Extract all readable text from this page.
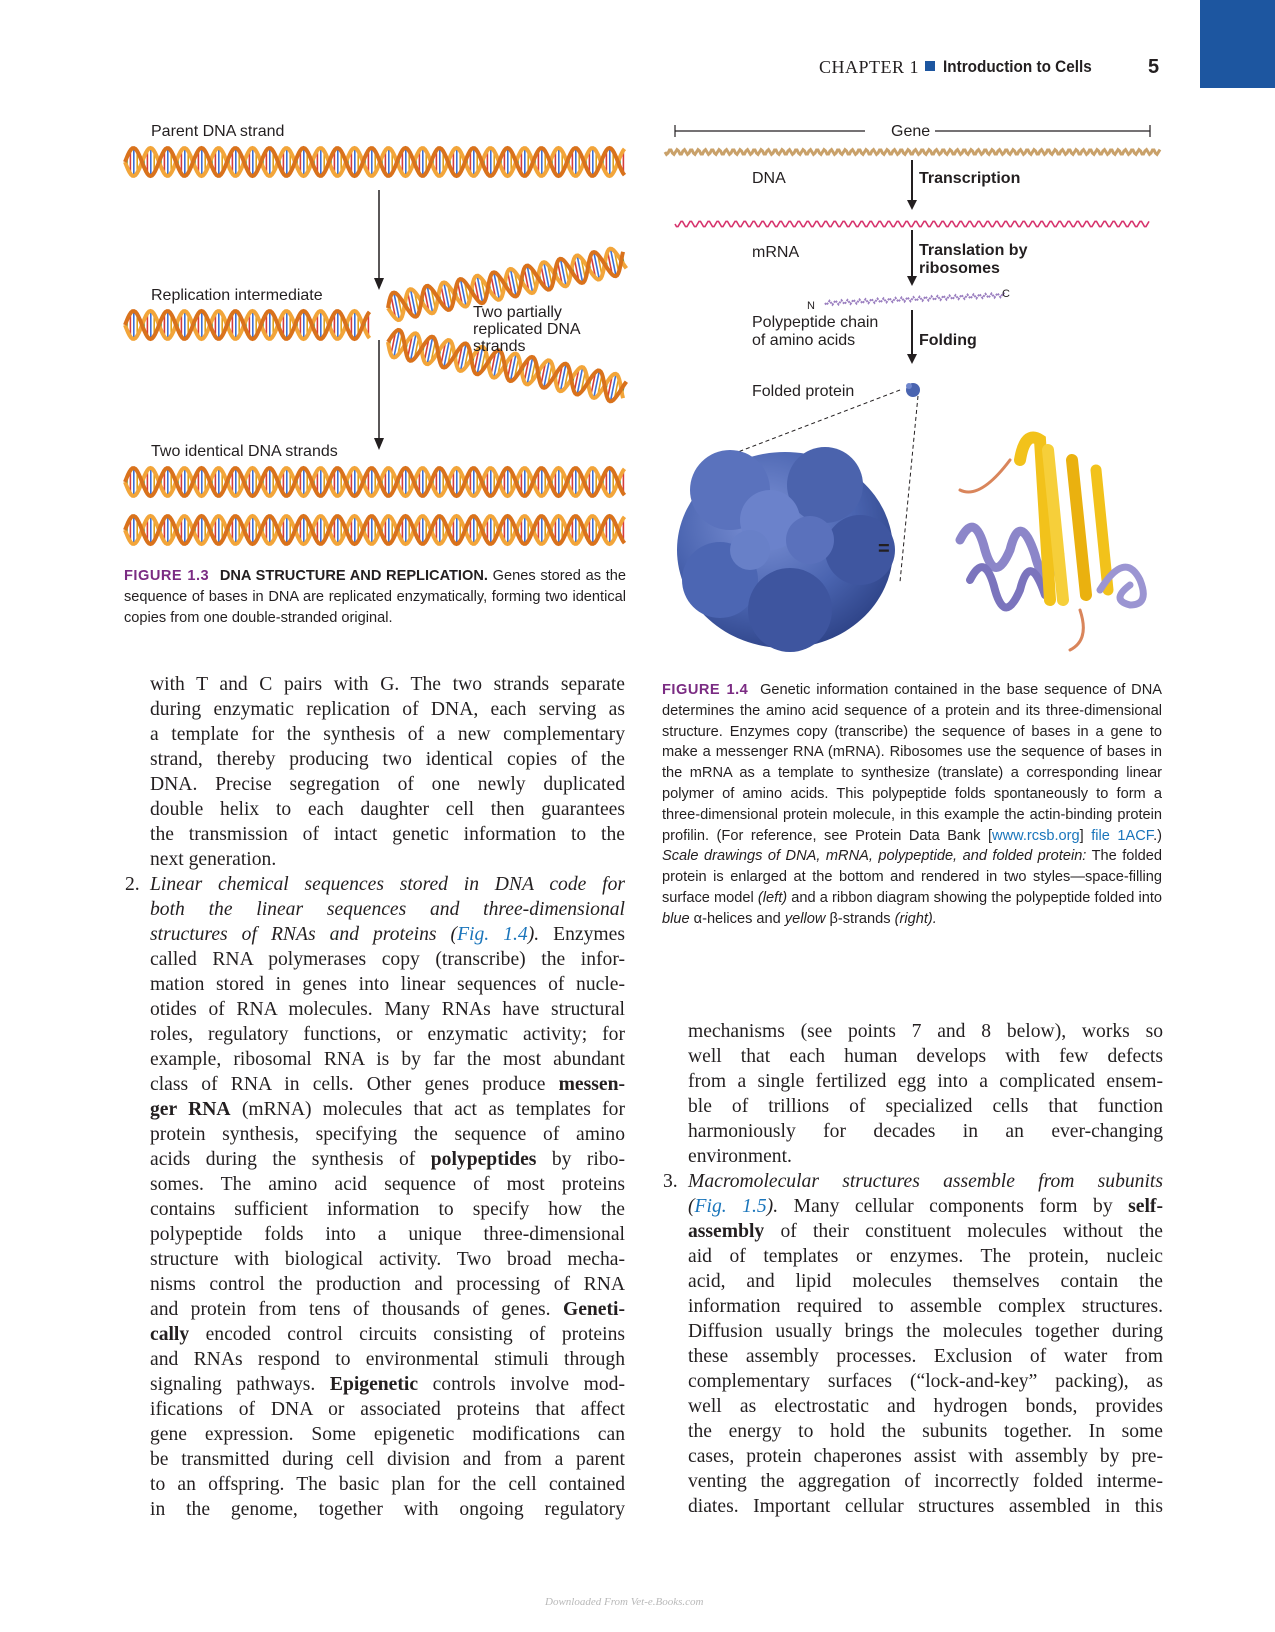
CHAPTER 1 Introduction to Cells	5
Parent DNA strand
Replication intermediate
Two partially
replicated DNA
strands
Two identical DNA strands
FIGURE 1.3 DNA STRUCTURE AND REPLICATION. Genes stored as the sequence of bases in DNA are replicated enzymatically, forming two identical copies from one double-stranded original.
=
Gene
DNA	Transcription
mRNA	Translation by
ribosomes
N
C
Polypeptide chain
of amino acids	Folding
Folded protein
FIGURE 1.4 Genetic information contained in the base sequence of DNA determines the amino acid sequence of a protein and its three-dimensional structure. Enzymes copy (transcribe) the sequence of bases in a gene to make a messenger RNA (mRNA). Ribosomes use the sequence of bases in the mRNA as a template to synthesize (translate) a corresponding linear polymer of amino acids. This polypeptide folds spontaneously to form a three-dimensional protein molecule, in this example the actin-binding protein profilin. (For reference, see Protein Data Bank [www.rcsb.org] file 1ACF.) Scale drawings of DNA, mRNA, polypeptide, and folded protein: The folded protein is enlarged at the bottom and rendered in two styles—space-filling surface model (left) and a ribbon diagram showing the polypeptide folded into blue α-helices and yellow β-strands (right).
with T and C pairs with G. The two strands separate
during enzymatic replication of DNA, each serving as
a template for the synthesis of a new complementary
strand, thereby producing two identical copies of the
DNA. Precise segregation of one newly duplicated
double helix to each daughter cell then guarantees
the transmission of intact genetic information to the
next generation.
2. Linear chemical sequences stored in DNA code for
both the linear sequences and three-dimensional
structures of RNAs and proteins (Fig. 1.4). Enzymes
called RNA polymerases copy (transcribe) the infor-
mation stored in genes into linear sequences of nucle-
otides of RNA molecules. Many RNAs have structural
roles, regulatory functions, or enzymatic activity; for
example, ribosomal RNA is by far the most abundant
class of RNA in cells. Other genes produce messen-
ger RNA (mRNA) molecules that act as templates for
protein synthesis, specifying the sequence of amino
acids during the synthesis of polypeptides by ribo-
somes. The amino acid sequence of most proteins
contains sufficient information to specify how the
polypeptide folds into a unique three-dimensional
structure with biological activity. Two broad mecha-
nisms control the production and processing of RNA
and protein from tens of thousands of genes. Geneti-
cally encoded control circuits consisting of proteins
and RNAs respond to environmental stimuli through
signaling pathways. Epigenetic controls involve mod-
ifications of DNA or associated proteins that affect
gene expression. Some epigenetic modifications can
be transmitted during cell division and from a parent
to an offspring. The basic plan for the cell contained
in the genome, together with ongoing regulatory
mechanisms (see points 7 and 8 below), works so
well that each human develops with few defects
from a single fertilized egg into a complicated ensem-
ble of trillions of specialized cells that function
harmoniously for decades in an ever-changing
environment.
3. Macromolecular structures assemble from subunits
(Fig. 1.5). Many cellular components form by self-
assembly of their constituent molecules without the
aid of templates or enzymes. The protein, nucleic
acid, and lipid molecules themselves contain the
information required to assemble complex structures.
Diffusion usually brings the molecules together during
these assembly processes. Exclusion of water from
complementary surfaces (“lock-and-key” packing), as
well as electrostatic and hydrogen bonds, provides
the energy to hold the subunits together. In some
cases, protein chaperones assist with assembly by pre-
venting the aggregation of incorrectly folded interme-
diates. Important cellular structures assembled in this
Downloaded From Vet-e.Books.com
